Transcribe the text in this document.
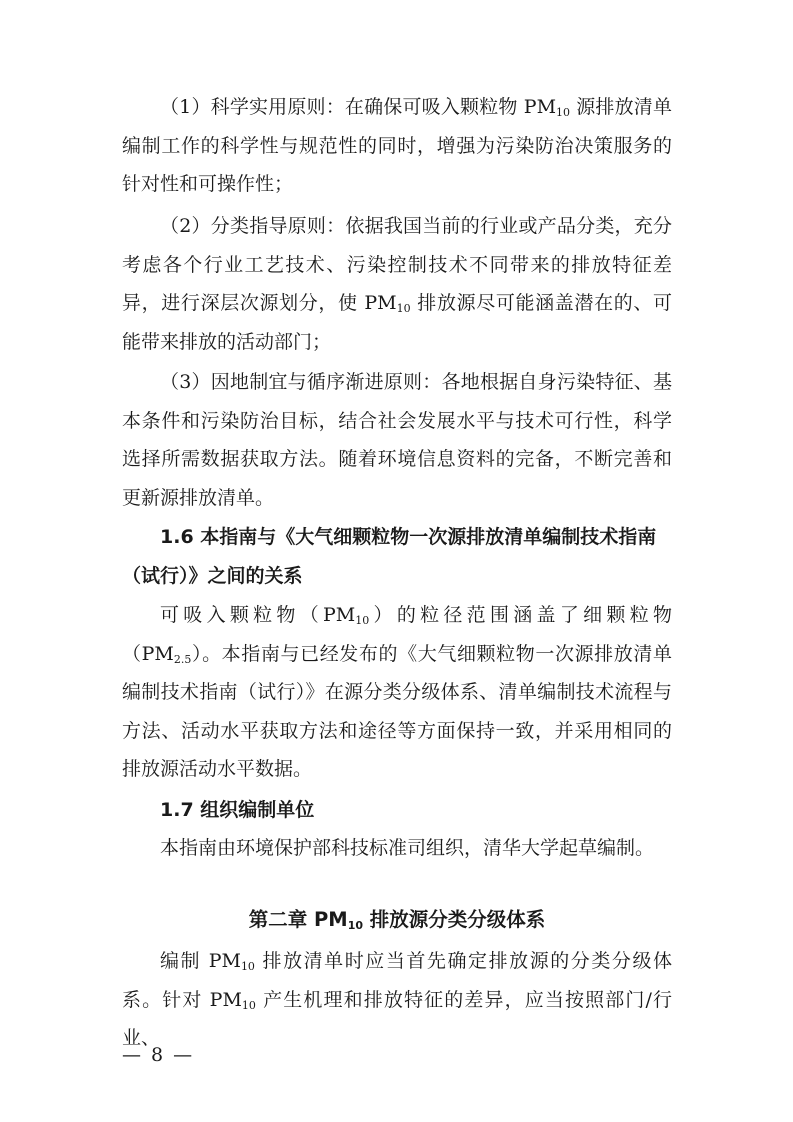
（1）科学实用原则：在确保可吸入颗粒物 $PM_{10}$ 源排放清单编制工作的科学性与规范性的同时，增强为污染防治决策服务的针对性和可操作性；

（2）分类指导原则：依据我国当前的行业或产品分类，充分考虑各个行业工艺技术、污染控制技术不同带来的排放特征差异，进行深层次源划分，使 $PM_{10}$ 排放源尽可能涵盖潜在的、可能带来排放的活动部门；

（3）因地制宜与循序渐进原则：各地根据自身污染特征、基本条件和污染防治目标，结合社会发展水平与技术可行性，科学选择所需数据获取方法。随着环境信息资料的完备，不断完善和更新源排放清单。

1.6 本指南与《大气细颗粒物一次源排放清单编制技术指南（试行）》之间的关系

可吸入颗粒物$(PM_{10})$的粒径范围涵盖了细颗粒物$(PM_{2.5})$。本指南与已经发布的《大气细颗粒物一次源排放清单编制技术指南（试行）》在源分类分级体系、清单编制技术流程与方法、活动水平获取方法和途径等方面保持一致，并采用相同的排放源活动水平数据。

1.7 组织编制单位

本指南由环境保护部科技标准司组织，清华大学起草编制。

第二章 $PM_{10}$ 排放源分类分级体系

编制 $PM_{10}$ 排放清单时应当首先确定排放源的分类分级体系。针对 $PM_{10}$ 产生机理和排放特征的差异，应当按照部门/行业、

— 8 —
